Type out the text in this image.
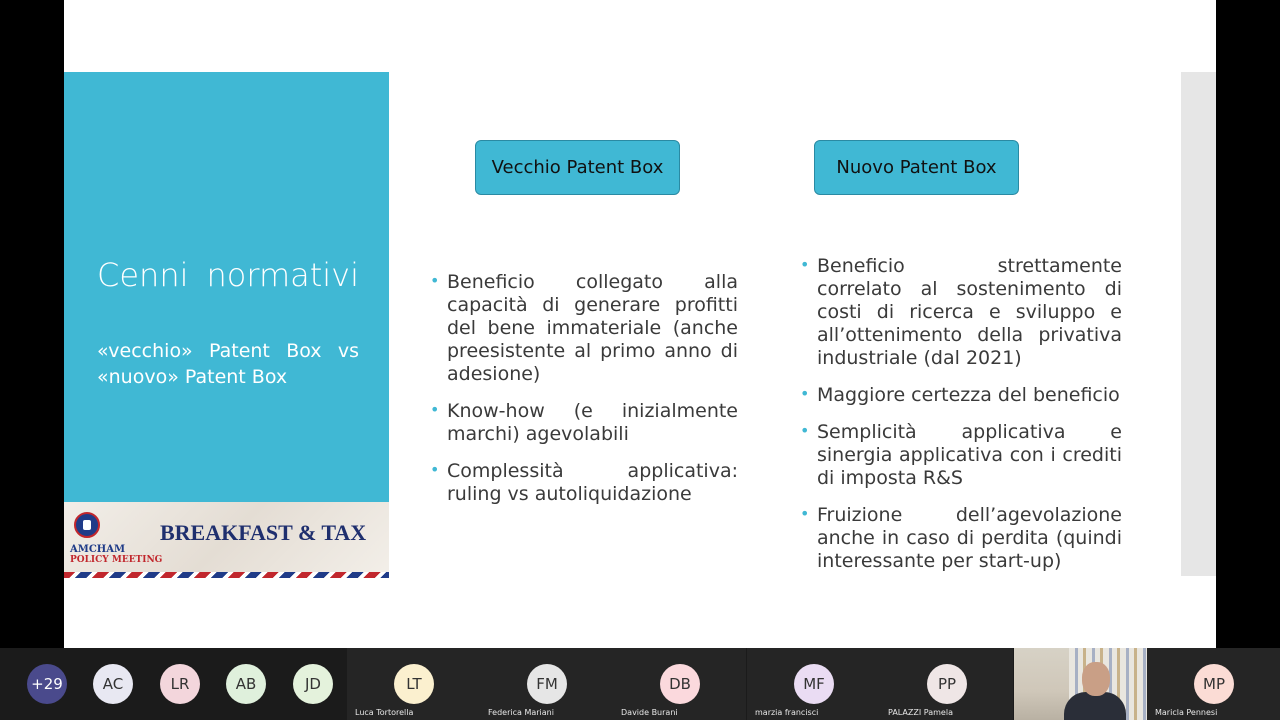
Cenni normativi
«vecchio» Patent Box vs
«nuovo» Patent Box
AMCHAM
POLICY MEETING
BREAKFAST & TAX
Vecchio Patent Box	Nuovo Patent Box
• Beneficio collegato alla capacità di generare profitti del bene immateriale (anche preesistente al primo anno di adesione)
• Know-how (e inizialmente marchi) agevolabili
• Complessità applicativa: ruling vs autoliquidazione
• Beneficio strettamente correlato al sostenimento di costi di ricerca e sviluppo e all’ottenimento della privativa industriale (dal 2021)
• Maggiore certezza del beneficio
• Semplicità applicativa e sinergia applicativa con i crediti di imposta R&S
• Fruizione dell’agevolazione anche in caso di perdita (quindi interessante per start-up)
+29	AC	LR	AB	JD	LT
Luca Tortorella
FM
Federica Mariani
DB
Davide Burani
MF
marzia francisci
PP
PALAZZI Pamela
MP
Maricla Pennesi
